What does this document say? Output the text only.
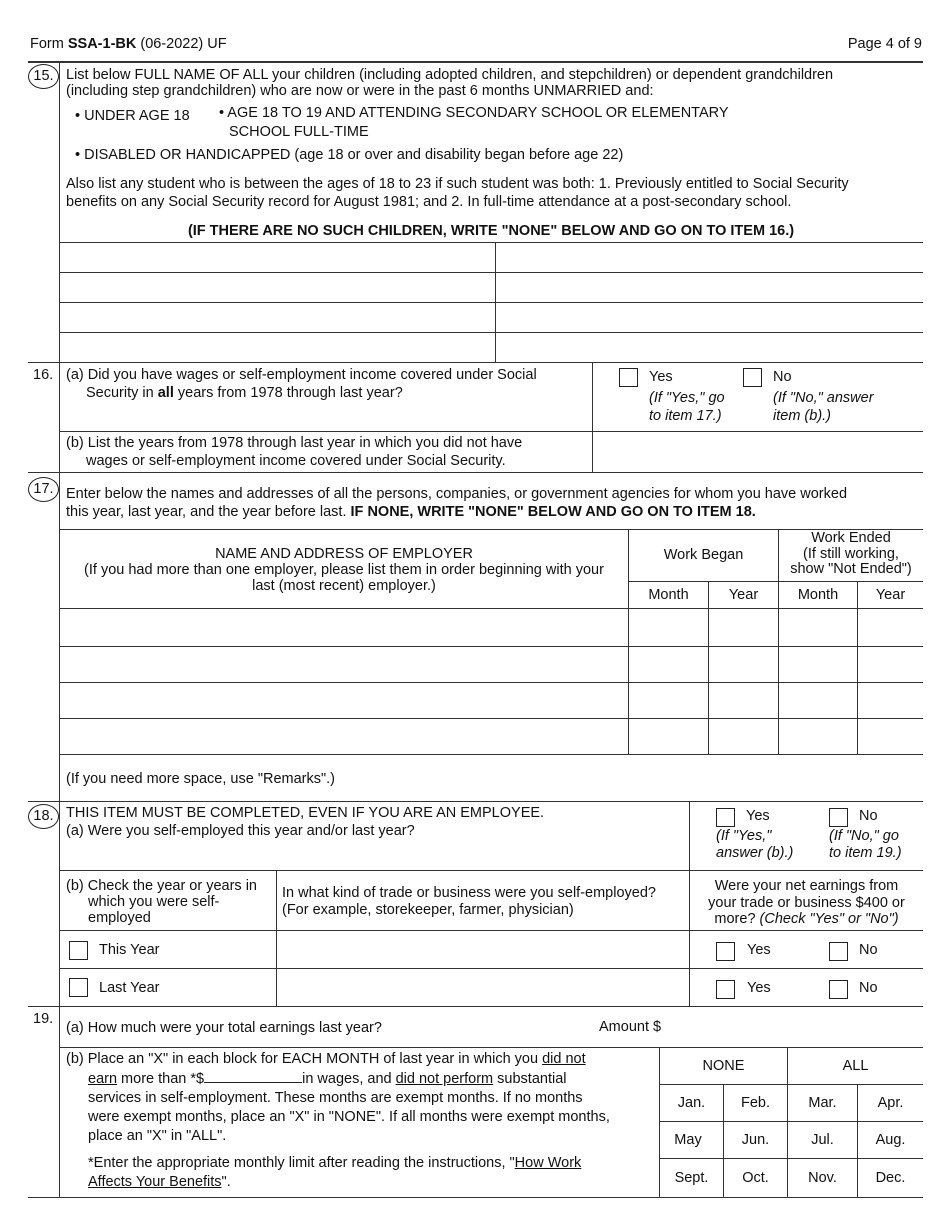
Form SSA-1-BK (06-2022) UF	Page 4 of 9
15. List below FULL NAME OF ALL your children (including adopted children, and stepchildren) or dependent grandchildren
(including step grandchildren) who are now or were in the past 6 months UNMARRIED and:
• UNDER AGE 18 • AGE 18 TO 19 AND ATTENDING SECONDARY SCHOOL OR ELEMENTARY
SCHOOL FULL-TIME
• DISABLED OR HANDICAPPED (age 18 or over and disability began before age 22)
Also list any student who is between the ages of 18 to 23 if such student was both: 1. Previously entitled to Social Security
benefits on any Social Security record for August 1981; and 2. In full-time attendance at a post-secondary school.
(IF THERE ARE NO SUCH CHILDREN, WRITE "NONE" BELOW AND GO ON TO ITEM 16.)
16. (a) Did you have wages or self-employment income covered under Social
Security in all years from 1978 through last year?
Yes
(If "Yes," go
to item 17.)
No
(If "No," answer
item (b).)
(b) List the years from 1978 through last year in which you did not have
wages or self-employment income covered under Social Security.
17. Enter below the names and addresses of all the persons, companies, or government agencies for whom you have worked
this year, last year, and the year before last. IF NONE, WRITE "NONE" BELOW AND GO ON TO ITEM 18.
NAME AND ADDRESS OF EMPLOYER
(If you had more than one employer, please list them in order beginning with your
last (most recent) employer.)
Work Began
Work Ended
(If still working,
show "Not Ended")
Month	Year	Month	Year
(If you need more space, use "Remarks".)
18. THIS ITEM MUST BE COMPLETED, EVEN IF YOU ARE AN EMPLOYEE.
(a) Were you self-employed this year and/or last year?
Yes
(If "Yes,"
answer (b).)
No
(If "No," go
to item 19.)
(b) Check the year or years in
which you were self-
employed
In what kind of trade or business were you self-employed?
(For example, storekeeper, farmer, physician)
Were your net earnings from
your trade or business $400 or
more? (Check "Yes" or "No")
This Year	Yes	No
Last Year	Yes	No
19.
(a) How much were your total earnings last year?	Amount $
(b) Place an "X" in each block for EACH MONTH of last year in which you did not
earn more than *$	in wages, and did not perform substantial
services in self-employment. These months are exempt months. If no months
were exempt months, place an "X" in "NONE". If all months were exempt months,
place an "X" in "ALL".
*Enter the appropriate monthly limit after reading the instructions, "How Work
Affects Your Benefits".
NONE	ALL
Jan.	Feb.	Mar.	Apr.
May	Jun.	Jul.	Aug.
Sept.	Oct.	Nov.	Dec.
